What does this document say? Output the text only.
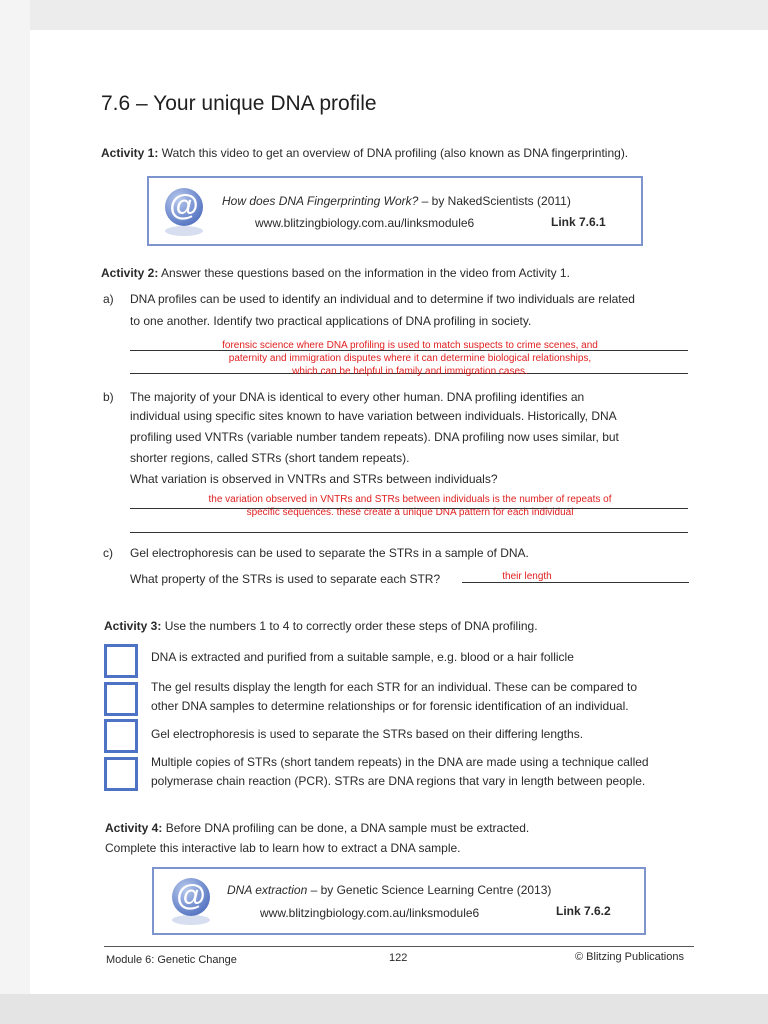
7.6 – Your unique DNA profile
Activity 1: Watch this video to get an overview of DNA profiling (also known as DNA fingerprinting).
@	How does DNA Fingerprinting Work? – by NakedScientists (2011)
www.blitzingbiology.com.au/linksmodule6	Link 7.6.1
Activity 2: Answer these questions based on the information in the video from Activity 1.
a) DNA profiles can be used to identify an individual and to determine if two individuals are related
to one another. Identify two practical applications of DNA profiling in society.
forensic science where DNA profiling is used to match suspects to crime scenes, and
paternity and immigration disputes where it can determine biological relationships,
which can be helpful in family and immigration cases.
b) The majority of your DNA is identical to every other human. DNA profiling identifies an
individual using specific sites known to have variation between individuals. Historically, DNA
profiling used VNTRs (variable number tandem repeats). DNA profiling now uses similar, but
shorter regions, called STRs (short tandem repeats).
What variation is observed in VNTRs and STRs between individuals?
the variation observed in VNTRs and STRs between individuals is the number of repeats of
specific sequences. these create a unique DNA pattern for each individual
c) Gel electrophoresis can be used to separate the STRs in a sample of DNA.
What property of the STRs is used to separate each STR?	their length
Activity 3: Use the numbers 1 to 4 to correctly order these steps of DNA profiling.
DNA is extracted and purified from a suitable sample, e.g. blood or a hair follicle
The gel results display the length for each STR for an individual. These can be compared to
other DNA samples to determine relationships or for forensic identification of an individual.
Gel electrophoresis is used to separate the STRs based on their differing lengths.
Multiple copies of STRs (short tandem repeats) in the DNA are made using a technique called
polymerase chain reaction (PCR). STRs are DNA regions that vary in length between people.
Activity 4: Before DNA profiling can be done, a DNA sample must be extracted.
Complete this interactive lab to learn how to extract a DNA sample.
@	DNA extraction – by Genetic Science Learning Centre (2013)
www.blitzingbiology.com.au/linksmodule6	Link 7.6.2
Module 6: Genetic Change	122	© Blitzing Publications
